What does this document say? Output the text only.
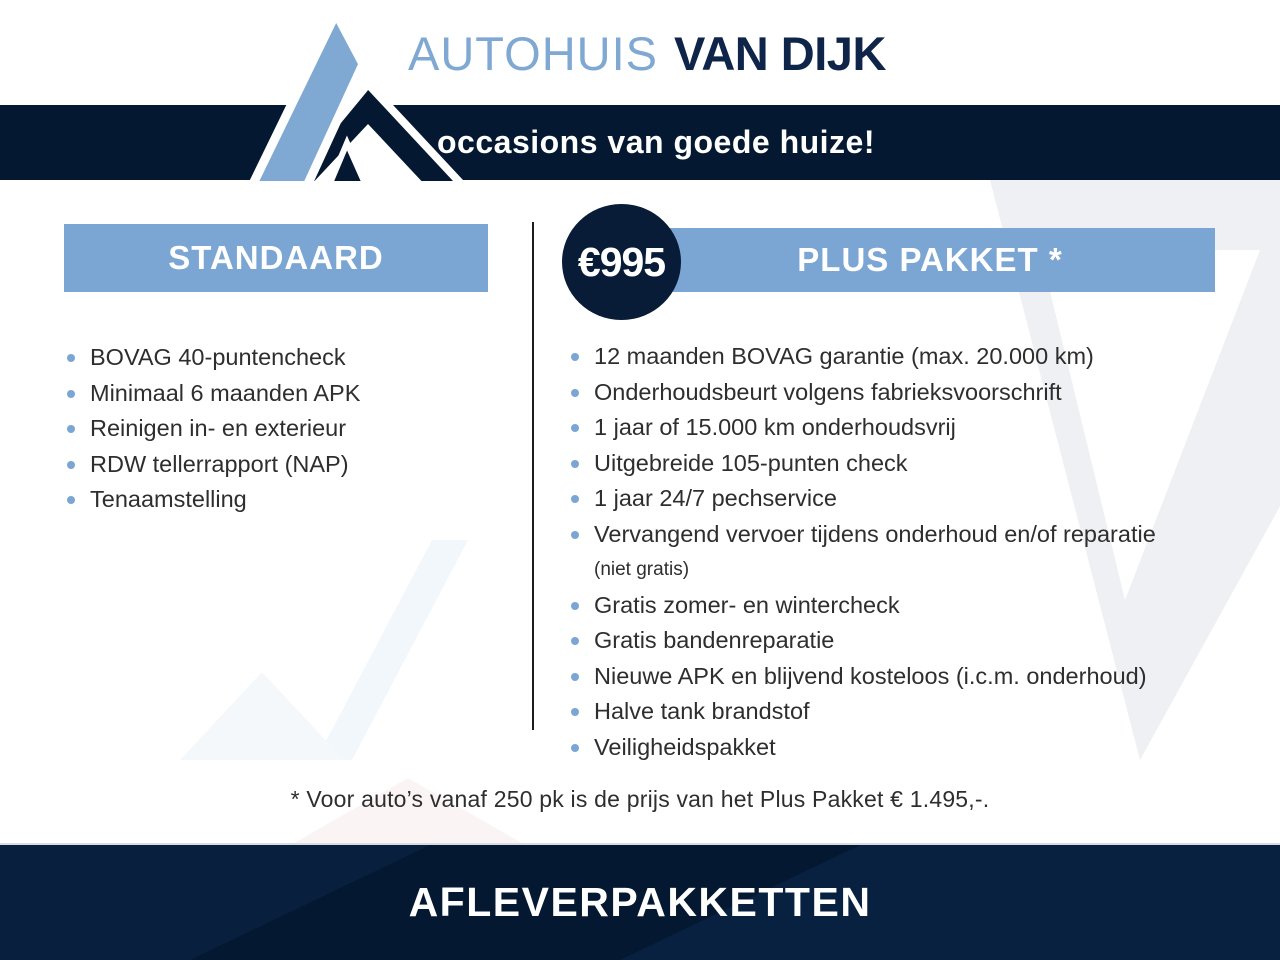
AUTOHUIS VAN DIJK
occasions van goede huize!
STANDAARD	PLUS PAKKET *
€995
BOVAG 40-puntencheck
Minimaal 6 maanden APK
Reinigen in- en exterieur
RDW tellerrapport (NAP)
Tenaamstelling
12 maanden BOVAG garantie (max. 20.000 km)
Onderhoudsbeurt volgens fabrieksvoorschrift
1 jaar of 15.000 km onderhoudsvrij
Uitgebreide 105-punten check
1 jaar 24/7 pechservice
Vervangend vervoer tijdens onderhoud en/of reparatie
(niet gratis)
Gratis zomer- en wintercheck
Gratis bandenreparatie
Nieuwe APK en blijvend kosteloos (i.c.m. onderhoud)
Halve tank brandstof
Veiligheidspakket

* Voor auto’s vanaf 250 pk is de prijs van het Plus Pakket € 1.495,-.

AFLEVERPAKKETTEN
